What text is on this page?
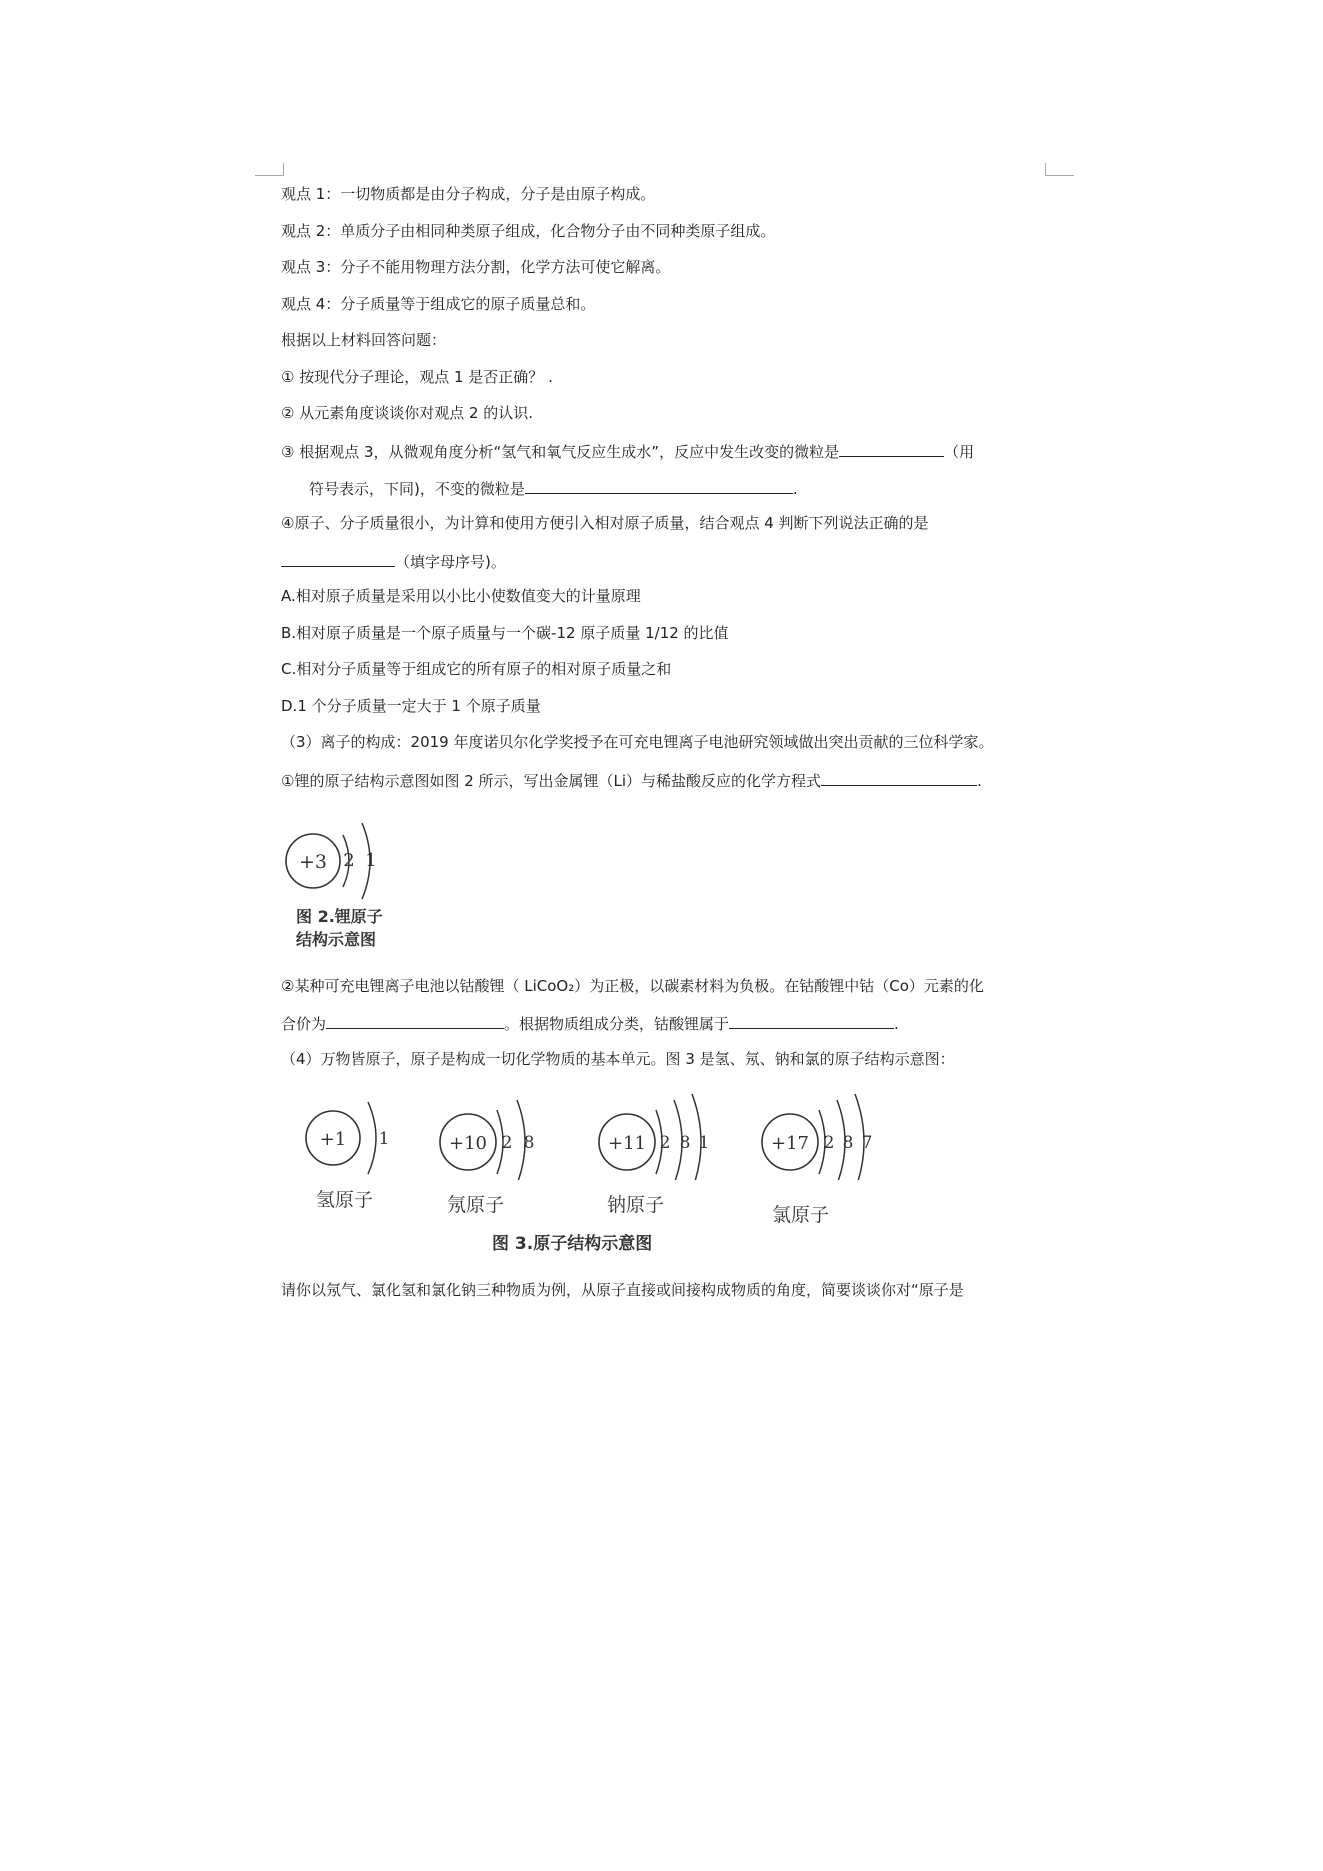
观点 1：一切物质都是由分子构成，分子是由原子构成。
观点 2：单质分子由相同种类原子组成，化合物分子由不同种类原子组成。
观点 3：分子不能用物理方法分割，化学方法可使它解离。
观点 4：分子质量等于组成它的原子质量总和。
根据以上材料回答问题：
① 按现代分子理论，观点 1 是否正确？ .
② 从元素角度谈谈你对观点 2 的认识.
③ 根据观点 3，从微观角度分析“氢气和氧气反应生成水”，反应中发生改变的微粒是	（用
符号表示，下同)，不变的微粒是	.
④原子、分子质量很小，为计算和使用方便引入相对原子质量，结合观点 4 判断下列说法正确的是
（填字母序号)。
A.相对原子质量是采用以小比小使数值变大的计量原理
B.相对原子质量是一个原子质量与一个碳-12 原子质量 1/12 的比值
C.相对分子质量等于组成它的所有原子的相对原子质量之和
D.1 个分子质量一定大于 1 个原子质量
（3）离子的构成：2019 年度诺贝尔化学奖授予在可充电锂离子电池研究领域做出突出贡献的三位科学家。
①锂的原子结构示意图如图 2 所示，写出金属锂（Li）与稀盐酸反应的化学方程式	.
+3 2 1
图 2.锂原子
结构示意图
②某种可充电锂离子电池以钴酸锂（ LiCoO₂）为正极，以碳素材料为负极。在钴酸锂中钴（Co）元素的化
合价为	。根据物质组成分类，钴酸锂属于	.
（4）万物皆原子，原子是构成一切化学物质的基本单元。图 3 是氢、氖、钠和氯的原子结构示意图：
+1 1	+10 2 8	+11 2 8 1	+17 2 8 7
氢原子	氖原子	钠原子	氯原子
图 3.原子结构示意图
请你以氖气、氯化氢和氯化钠三种物质为例，从原子直接或间接构成物质的角度，简要谈谈你对“原子是
